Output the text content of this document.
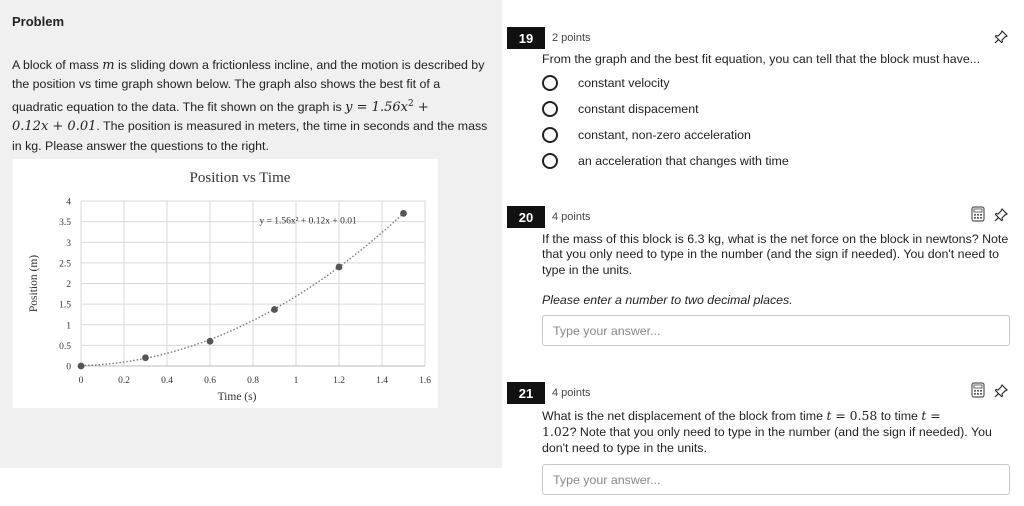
Problem
A block of mass m is sliding down a frictionless incline, and the motion is described by the position vs time graph shown below. The graph also shows the best fit of a quadratic equation to the data. The fit shown on the graph is $y = 1.56x^2$ +
0.12x + 0.01. The position is measured in meters, the time in seconds and the mass in kg. Please answer the questions to the right.
Position vs Time
0
0.5
1
1.5
2
2.5
3
3.5
4
0	0.2	0.4	0.6	0.8	1	1.2	1.4	1.6
Time (s)
Position (m)
y = 1.56x² + 0.12x + 0.01
19	2 points
From the graph and the best fit equation, you can tell that the block must have...
constant velocity
constant dispacement
constant, non-zero acceleration
an acceleration that changes with time
20	4 points
If the mass of this block is 6.3 kg, what is the net force on the block in newtons? Note that you only need to type in the number (and the sign if needed). You don't need to type in the units.
Please enter a number to two decimal places.
Type your answer...
21	4 points
What is the net displacement of the block from time t = 0.58 to time t =
1.02? Note that you only need to type in the number (and the sign if needed). You don't need to type in the units.
Type your answer...
